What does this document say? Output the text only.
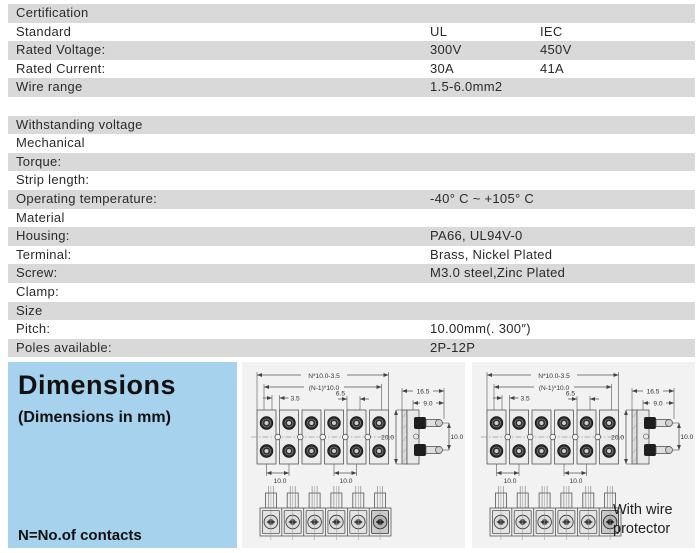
Certification
Standard	UL	IEC
Rated Voltage:	300V	450V
Rated Current:	30A	41A
Wire range	1.5-6.0mm2
Withstanding voltage
Mechanical
Torque:
Strip length:
Operating temperature:	-40° C ~ +105° C
Material
Housing:	PA66, UL94V-0
Terminal:	Brass, Nickel Plated
Screw:	M3.0 steel,Zinc Plated
Clamp:
Size
Pitch:	10.00mm(. 300″)
Poles available:	2P-12P
Dimensions
(Dimensions in mm)
N=No.of contacts
With wire protector
